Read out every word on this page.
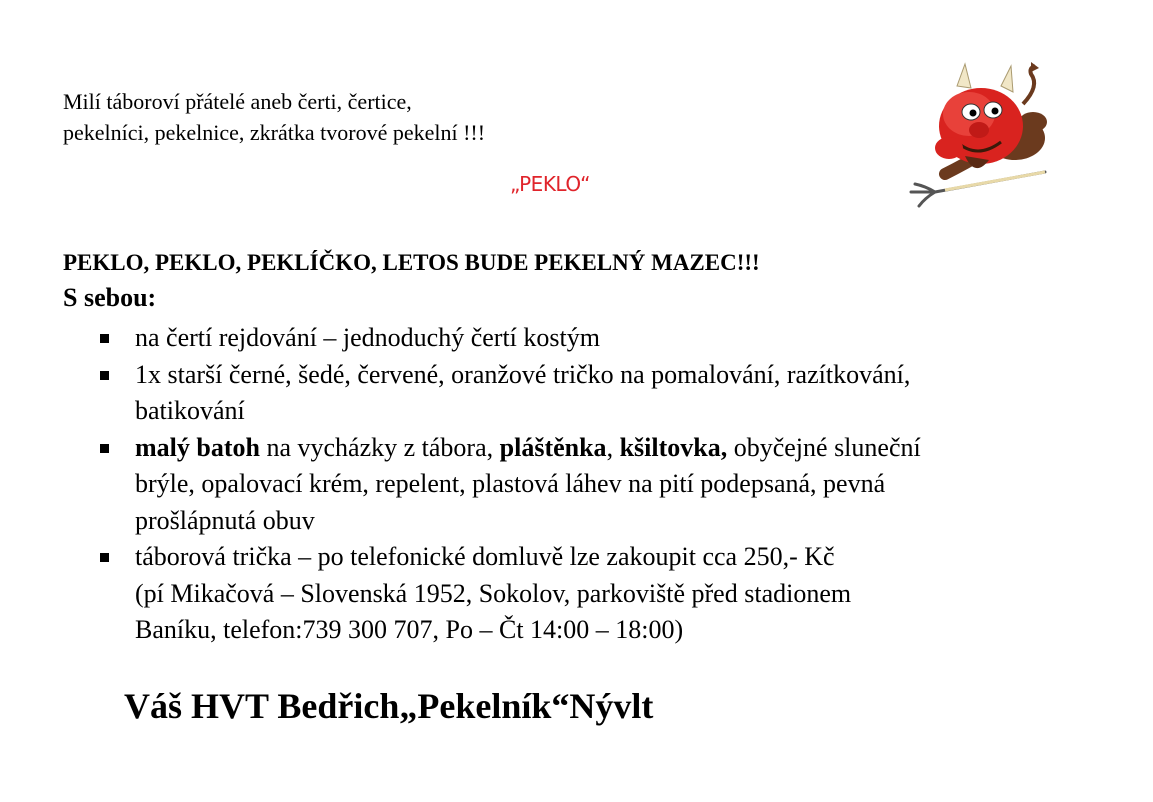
Milí táboroví přátelé aneb čerti, čertice,
pekelníci, pekelnice, zkrátka tvorové pekelní !!!
„PEKLO“
PEKLO, PEKLO, PEKLÍČKO, LETOS BUDE PEKELNÝ MAZEC!!!
S sebou:
na čertí rejdování – jednoduchý čertí kostým
1x starší černé, šedé, červené, oranžové tričko na pomalování, razítkování,
batikování
malý batoh na vycházky z tábora, pláštěnka, kšiltovka, obyčejné sluneční
brýle, opalovací krém, repelent, plastová láhev na pití podepsaná, pevná
prošlápnutá obuv
táborová trička – po telefonické domluvě lze zakoupit cca 250,- Kč
(pí Mikačová – Slovenská 1952, Sokolov, parkoviště před stadionem
Baníku, telefon:739 300 707, Po – Čt 14:00 – 18:00)
Váš HVT Bedřich„Pekelník“Nývlt
